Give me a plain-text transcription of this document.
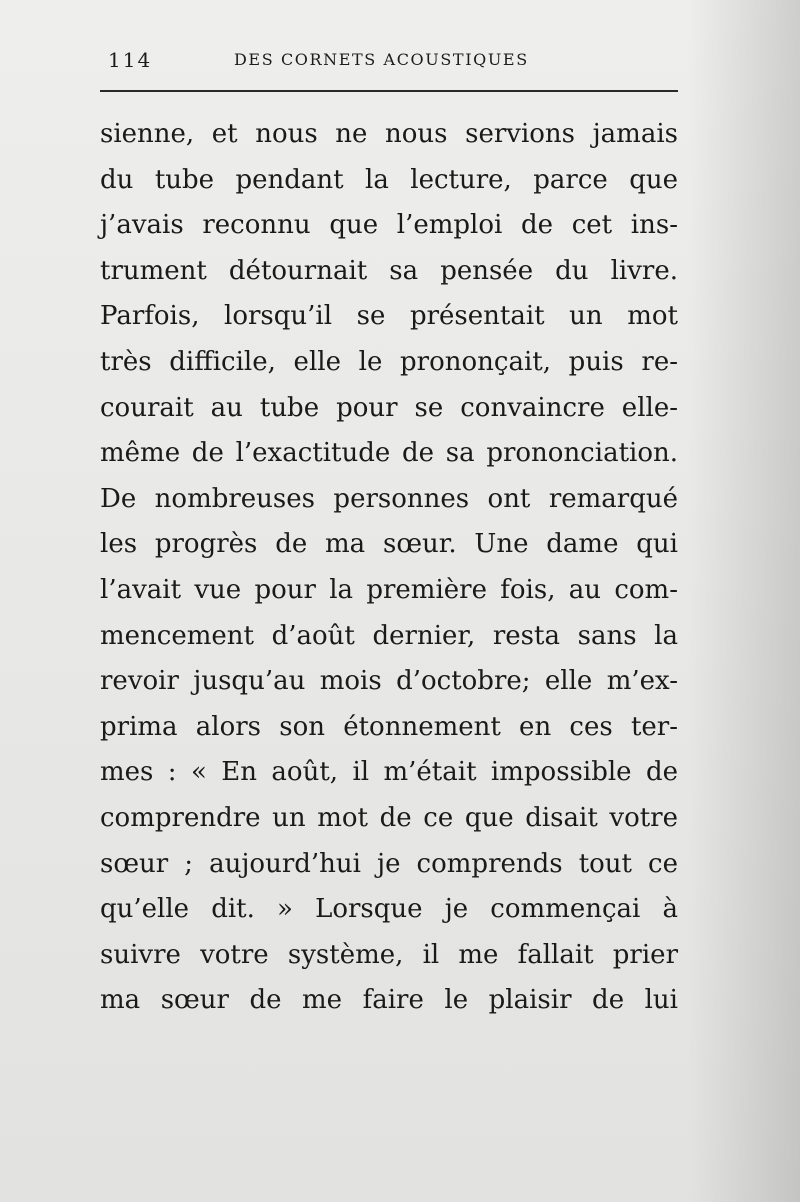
114	DES CORNETS ACOUSTIQUES
sienne, et nous ne nous servions jamais
du tube pendant la lecture, parce que
j’avais reconnu que l’emploi de cet ins-
trument détournait sa pensée du livre.
Parfois, lorsqu’il se présentait un mot
très difficile, elle le prononçait, puis re-
courait au tube pour se convaincre elle-
même de l’exactitude de sa prononciation.
De nombreuses personnes ont remarqué
les progrès de ma sœur. Une dame qui
l’avait vue pour la première fois, au com-
mencement d’août dernier, resta sans la
revoir jusqu’au mois d’octobre; elle m’ex-
prima alors son étonnement en ces ter-
mes : « En août, il m’était impossible de
comprendre un mot de ce que disait votre
sœur ; aujourd’hui je comprends tout ce
qu’elle dit. » Lorsque je commençai à
suivre votre système, il me fallait prier
ma sœur de me faire le plaisir de lui
